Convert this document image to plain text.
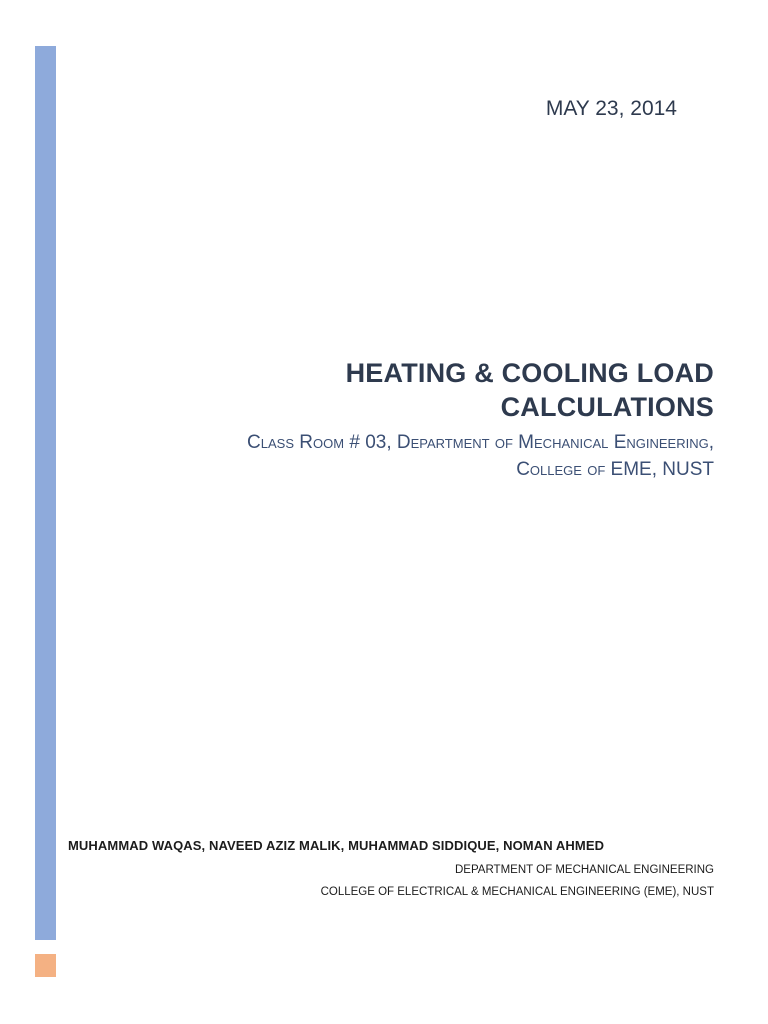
MAY 23, 2014
HEATING & COOLING LOAD
CALCULATIONS
Class Room # 03, Department of Mechanical Engineering,
College of EME, NUST
MUHAMMAD WAQAS, NAVEED AZIZ MALIK, MUHAMMAD SIDDIQUE, NOMAN AHMED
DEPARTMENT OF MECHANICAL ENGINEERING
COLLEGE OF ELECTRICAL & MECHANICAL ENGINEERING (EME), NUST
